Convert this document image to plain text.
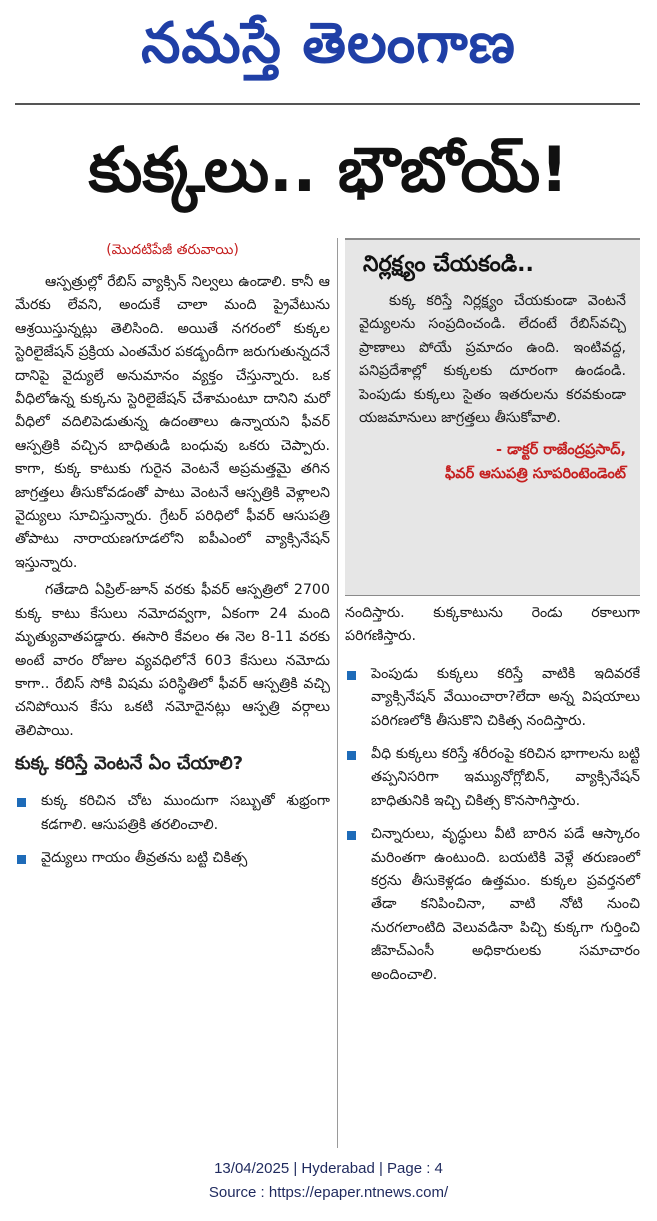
నమస్తే తెలంగాణ
కుక్కలు.. భౌబోయ్!
(మొదటిపేజీ తరువాయి)

ఆస్పత్రుల్లో రేబిస్ వ్యాక్సిన్ నిల్వలు ఉండాలి. కానీ ఆ మేరకు లేవని, అందుకే చాలా మంది ప్రైవేటును ఆశ్రయిస్తున్నట్లు తెలిసింది. అయితే నగరంలో కుక్కల స్టెరిలైజేషన్ ప్రక్రియ ఎంతమేర పకడ్బందీగా జరుగుతున్నదనే దానిపై వైద్యులే అనుమానం వ్యక్తం చేస్తున్నారు. ఒక వీధిలోఉన్న కుక్కను స్టెరిలైజేషన్ చేశామంటూ దానిని మరో వీధిలో వదిలిపెడుతున్న ఉదంతాలు ఉన్నాయని ఫీవర్ ఆస్పత్రికి వచ్చిన బాధితుడి బంధువు ఒకరు చెప్పారు. కాగా, కుక్క కాటుకు గురైన వెంటనే అప్రమత్తమై తగిన జాగ్రత్తలు తీసుకోవడంతో పాటు వెంటనే ఆస్పత్రికి వెళ్లాలని వైద్యులు సూచిస్తున్నారు. గ్రేటర్ పరిధిలో ఫీవర్ ఆసుపత్రి తోపాటు నారాయణగూడలోని ఐపీఎంలో వ్యాక్సినేషన్ ఇస్తున్నారు.

గతేడాది ఏప్రిల్-జూన్ వరకు ఫీవర్ ఆస్పత్రిలో 2700 కుక్క కాటు కేసులు నమోదవ్వగా, ఏకంగా 24 మంది మృత్యువాతపడ్డారు. ఈసారి కేవలం ఈ నెల 8-11 వరకు అంటే వారం రోజుల వ్యవధిలోనే 603 కేసులు నమోదు కాగా.. రేబిస్ సోకి విషమ పరిస్థితిలో ఫీవర్ ఆస్పత్రికి వచ్చి చనిపోయిన కేసు ఒకటి నమోదైనట్లు ఆస్పత్రి వర్గాలు తెలిపాయి.

కుక్క కరిస్తే వెంటనే ఏం చేయాలి?
కుక్క కరిచిన చోట ముందుగా సబ్బుతో శుభ్రంగా కడగాలి. ఆసుపత్రికి తరలించాలి.
వైద్యులు గాయం తీవ్రతను బట్టి చికిత్స
నిర్లక్ష్యం చేయకండి..

కుక్క కరిస్తే నిర్లక్ష్యం చేయకుండా వెంటనే వైద్యులను సంప్రదించండి. లేదంటే రేబిస్‌వచ్చి ప్రాణాలు పోయే ప్రమాదం ఉంది. ఇంటివద్ద, పనిప్రదేశాల్లో కుక్కలకు దూరంగా ఉండండి. పెంపుడు కుక్కలు సైతం ఇతరులను కరవకుండా యజమానులు జాగ్రత్తలు తీసుకోవాలి.

- డాక్టర్ రాజేంద్రప్రసాద్,
ఫీవర్ ఆసుపత్రి సూపరింటెండెంట్

నందిస్తారు. కుక్కకాటును రెండు రకాలుగా పరిగణిస్తారు.

పెంపుడు కుక్కలు కరిస్తే వాటికి ఇదివరకే వ్యాక్సినేషన్ వేయించారా?లేదా అన్న విషయాలు పరిగణలోకి తీసుకొని చికిత్స నందిస్తారు.
వీధి కుక్కలు కరిస్తే శరీరంపై కరిచిన భాగాలను బట్టి తప్పనిసరిగా ఇమ్యునోగ్లోబిన్, వ్యాక్సినేషన్ బాధితునికి ఇచ్చి చికిత్స కొనసాగిస్తారు.
చిన్నారులు, వృద్ధులు వీటి బారిన పడే ఆస్కారం మరింతగా ఉంటుంది. బయటికి వెళ్లే తరుణంలో కర్రను తీసుకెళ్లడం ఉత్తమం. కుక్కల ప్రవర్తనలో తేడా కనిపించినా, వాటి నోటి నుంచి నురగలాంటిది వెలువడినా పిచ్చి కుక్కగా గుర్తించి జీహెచ్ఎంసీ అధికారులకు సమాచారం అందించాలి.
13/04/2025 | Hyderabad | Page : 4
Source : https://epaper.ntnews.com/
